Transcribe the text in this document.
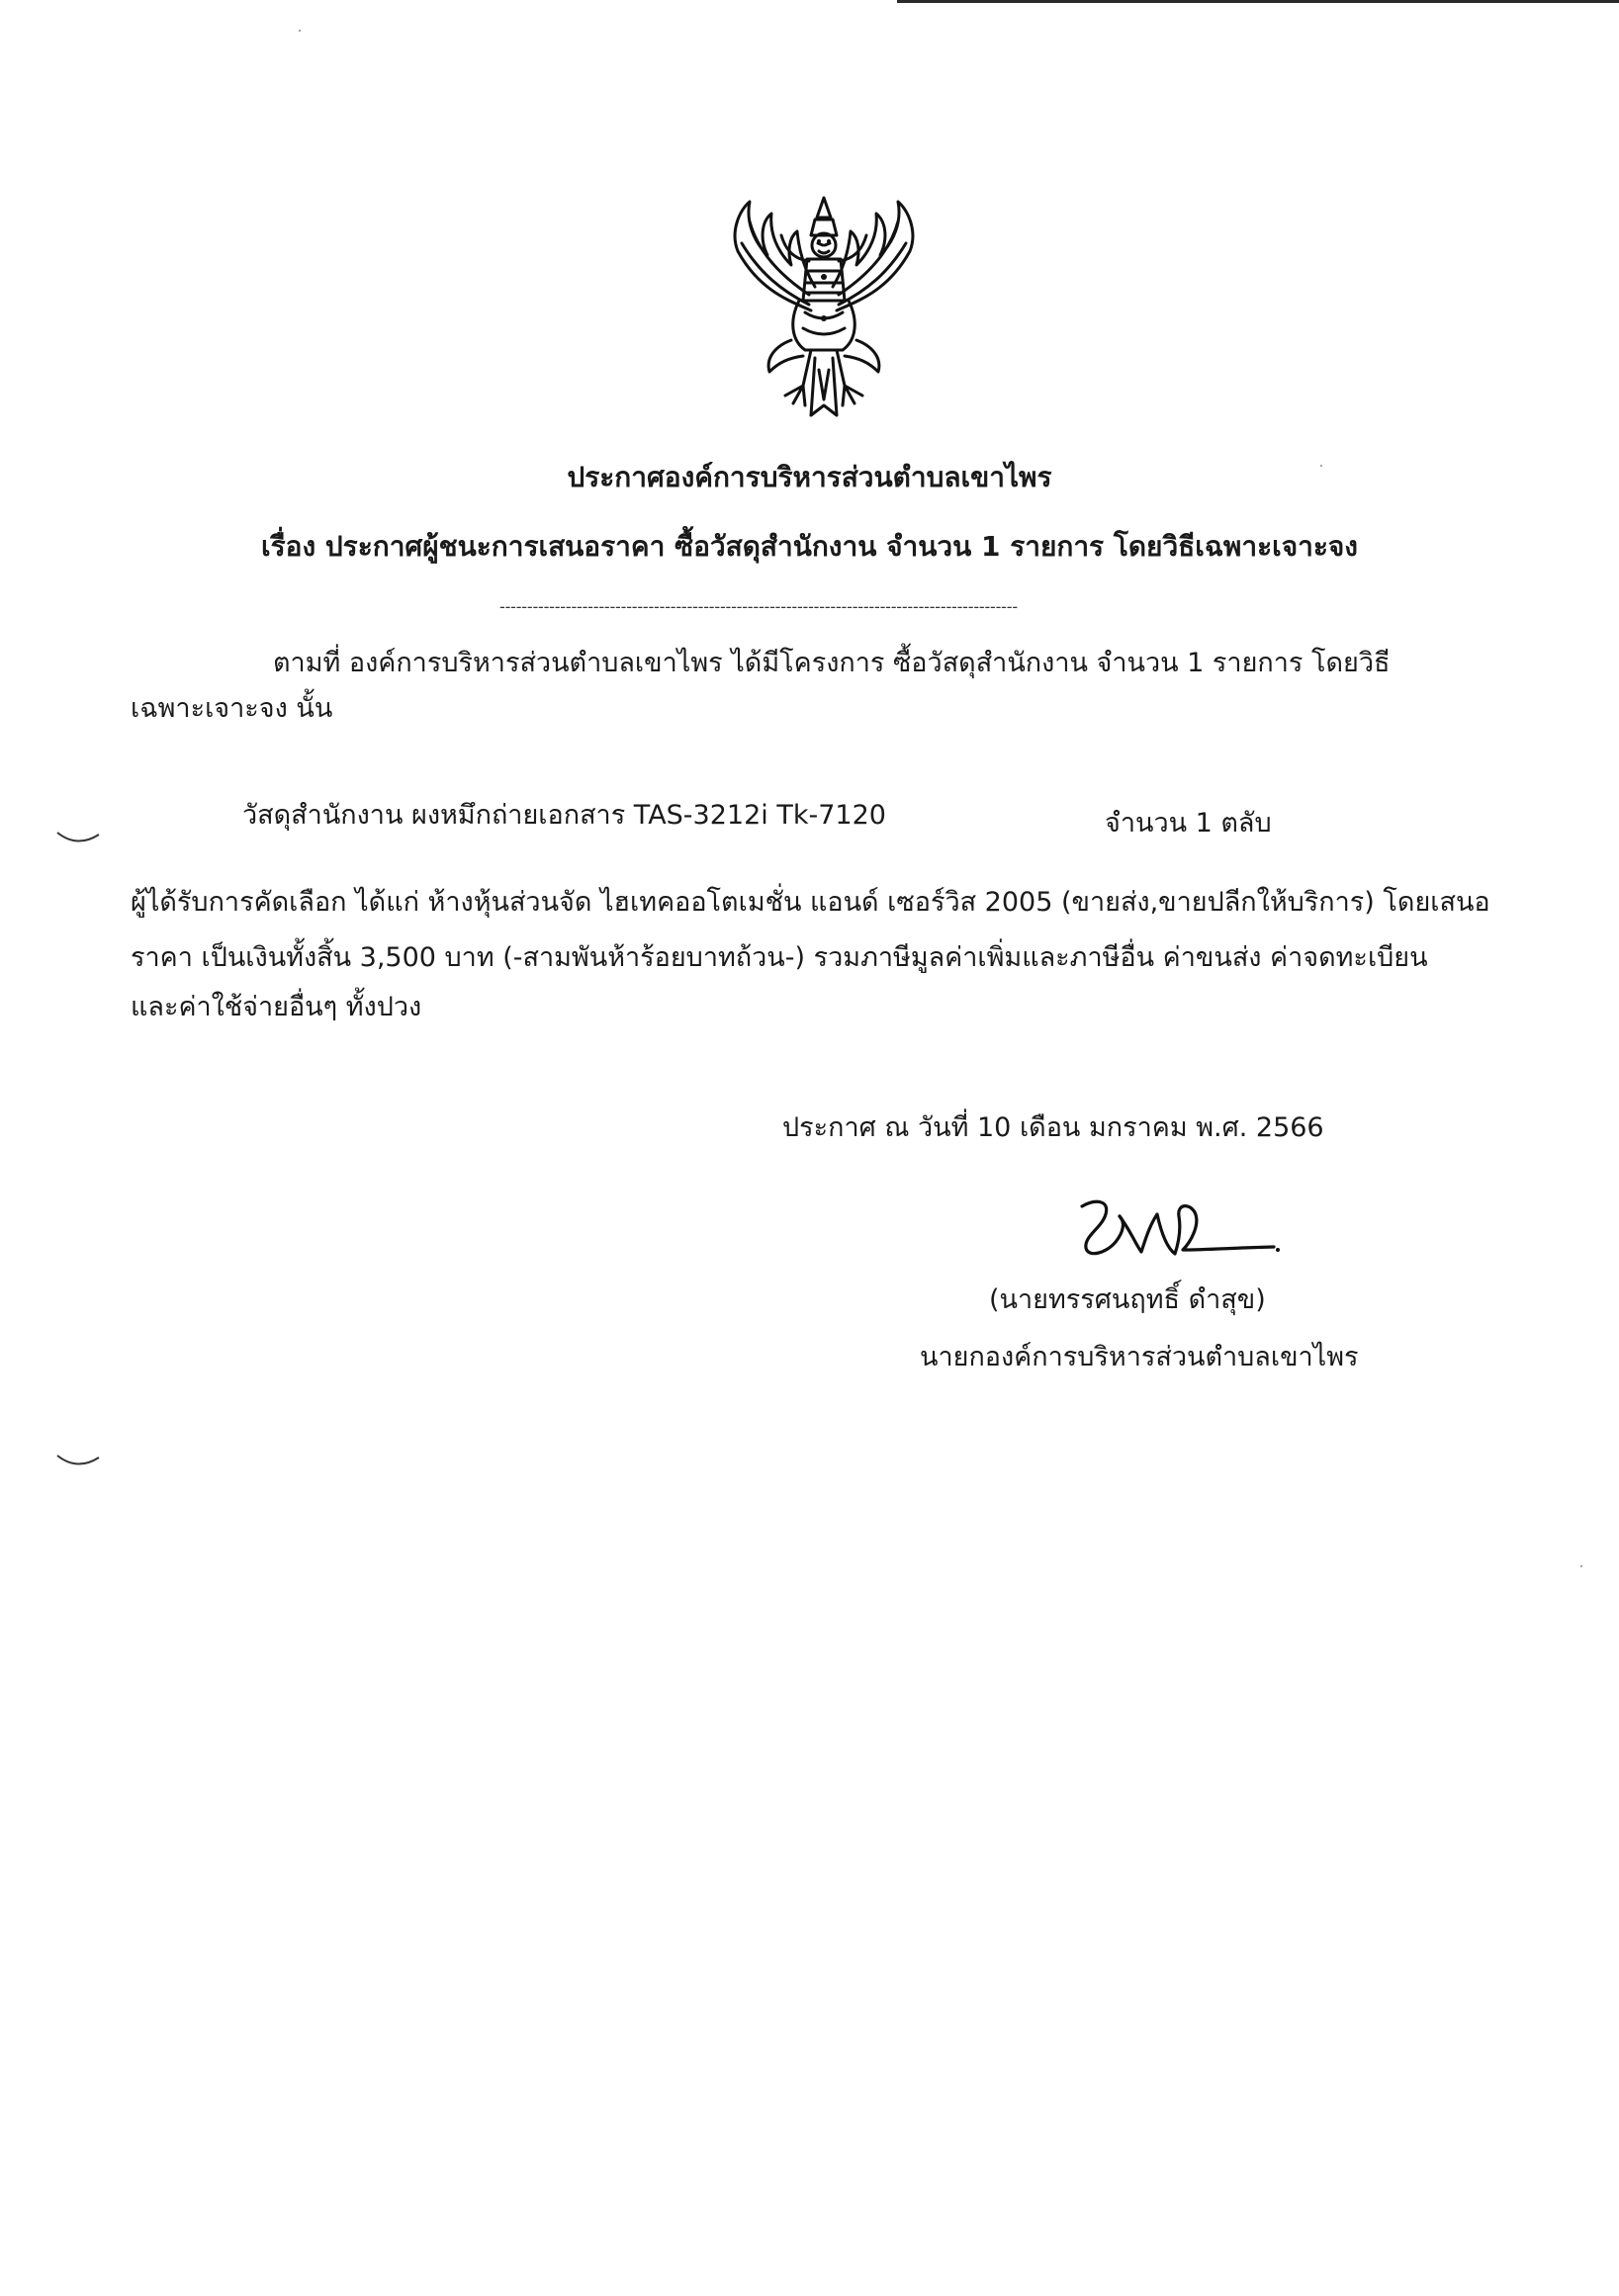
ประกาศองค์การบริหารส่วนตำบลเขาไพร
เรื่อง ประกาศผู้ชนะการเสนอราคา ซื้อวัสดุสำนักงาน จำนวน 1 รายการ โดยวิธีเฉพาะเจาะจง
----------------------------------------------------------------------------------------------
ตามที่ องค์การบริหารส่วนตำบลเขาไพร ได้มีโครงการ ซื้อวัสดุสำนักงาน จำนวน 1 รายการ โดยวิธี
เฉพาะเจาะจง นั้น
วัสดุสำนักงาน ผงหมึกถ่ายเอกสาร TAS-3212i Tk-7120	จำนวน 1 ตลับ
ผู้ได้รับการคัดเลือก ได้แก่ ห้างหุ้นส่วนจัด ไฮเทคออโตเมชั่น แอนด์ เซอร์วิส 2005 (ขายส่ง,ขายปลีกให้บริการ) โดยเสนอ
ราคา เป็นเงินทั้งสิ้น 3,500 บาท (-สามพันห้าร้อยบาทถ้วน-) รวมภาษีมูลค่าเพิ่มและภาษีอื่น ค่าขนส่ง ค่าจดทะเบียน
และค่าใช้จ่ายอื่นๆ ทั้งปวง
ประกาศ ณ วันที่ 10 เดือน มกราคม พ.ศ. 2566
(นายทรรศนฤทธิ์ ดำสุข)
นายกองค์การบริหารส่วนตำบลเขาไพร
